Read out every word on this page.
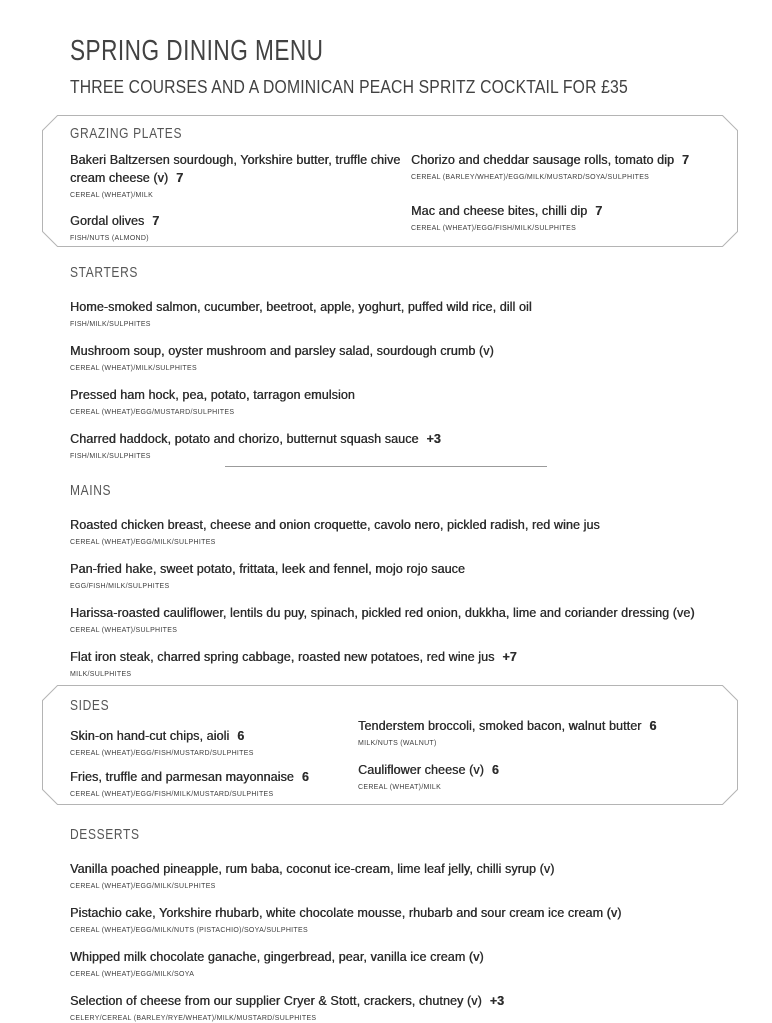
SPRING DINING MENU
THREE COURSES AND A DOMINICAN PEACH SPRITZ COCKTAIL FOR £35
GRAZING PLATES
Bakeri Baltzersen sourdough, Yorkshire butter, truffle chive cream cheese (v) 7
CEREAL (WHEAT)/MILK
Gordal olives 7
FISH/NUTS (ALMOND)
Chorizo and cheddar sausage rolls, tomato dip 7
CEREAL (BARLEY/WHEAT)/EGG/MILK/MUSTARD/SOYA/SULPHITES
Mac and cheese bites, chilli dip 7
CEREAL (WHEAT)/EGG/FISH/MILK/SULPHITES
STARTERS
Home-smoked salmon, cucumber, beetroot, apple, yoghurt, puffed wild rice, dill oil
FISH/MILK/SULPHITES
Mushroom soup, oyster mushroom and parsley salad, sourdough crumb (v)
CEREAL (WHEAT)/MILK/SULPHITES
Pressed ham hock, pea, potato, tarragon emulsion
CEREAL (WHEAT)/EGG/MUSTARD/SULPHITES
Charred haddock, potato and chorizo, butternut squash sauce +3
FISH/MILK/SULPHITES
MAINS
Roasted chicken breast, cheese and onion croquette, cavolo nero, pickled radish, red wine jus
CEREAL (WHEAT)/EGG/MILK/SULPHITES
Pan-fried hake, sweet potato, frittata, leek and fennel, mojo rojo sauce
EGG/FISH/MILK/SULPHITES
Harissa-roasted cauliflower, lentils du puy, spinach, pickled red onion, dukkha, lime and coriander dressing (ve)
CEREAL (WHEAT)/SULPHITES
Flat iron steak, charred spring cabbage, roasted new potatoes, red wine jus +7
MILK/SULPHITES
SIDES
Skin-on hand-cut chips, aioli 6
CEREAL (WHEAT)/EGG/FISH/MUSTARD/SULPHITES
Fries, truffle and parmesan mayonnaise 6
CEREAL (WHEAT)/EGG/FISH/MILK/MUSTARD/SULPHITES
Tenderstem broccoli, smoked bacon, walnut butter 6
MILK/NUTS (WALNUT)
Cauliflower cheese (v) 6
CEREAL (WHEAT)/MILK
DESSERTS
Vanilla poached pineapple, rum baba, coconut ice-cream, lime leaf jelly, chilli syrup (v)
CEREAL (WHEAT)/EGG/MILK/SULPHITES
Pistachio cake, Yorkshire rhubarb, white chocolate mousse, rhubarb and sour cream ice cream (v)
CEREAL (WHEAT)/EGG/MILK/NUTS (PISTACHIO)/SOYA/SULPHITES
Whipped milk chocolate ganache, gingerbread, pear, vanilla ice cream (v)
CEREAL (WHEAT)/EGG/MILK/SOYA
Selection of cheese from our supplier Cryer & Stott, crackers, chutney (v) +3
CELERY/CEREAL (BARLEY/RYE/WHEAT)/MILK/MUSTARD/SULPHITES
